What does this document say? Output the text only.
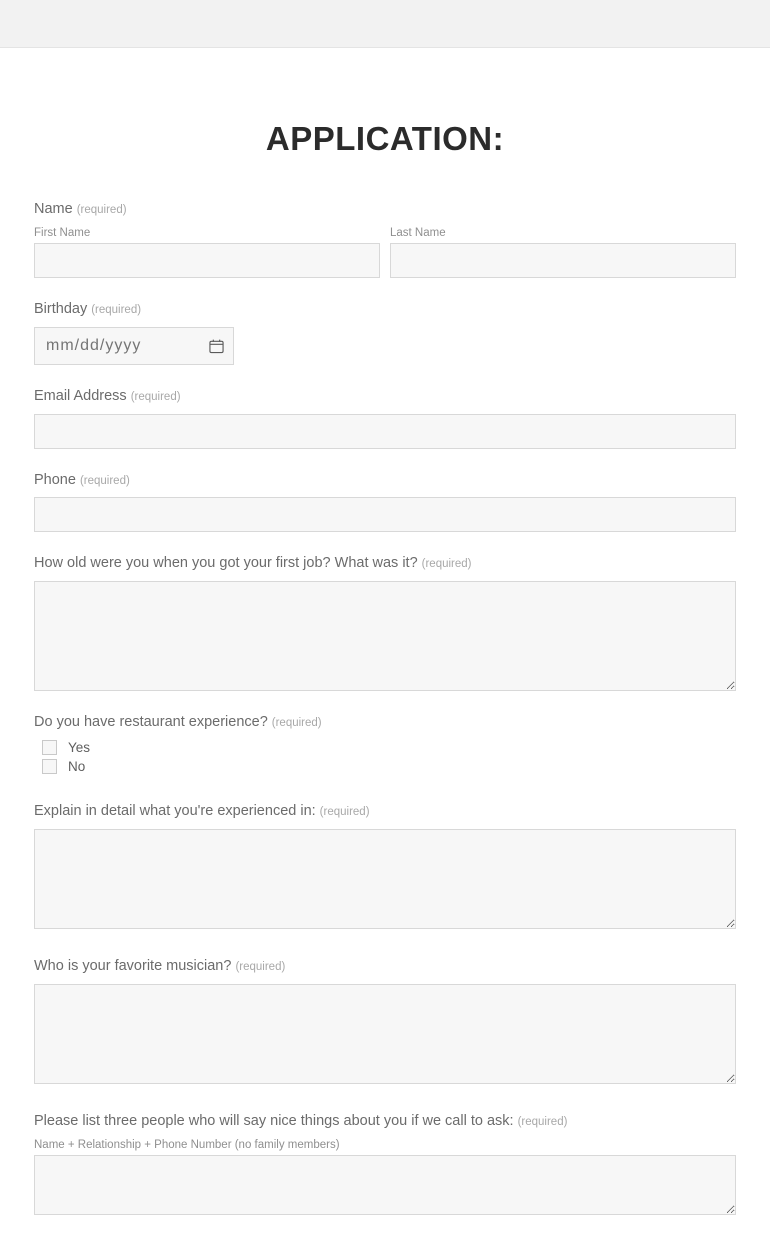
APPLICATION:
Name (required)
First Name	Last Name
Birthday (required)
mm/dd/yyyy
Email Address (required)
Phone (required)
How old were you when you got your first job? What was it? (required)
Do you have restaurant experience? (required)
Yes
No
Explain in detail what you're experienced in: (required)
Who is your favorite musician? (required)
Please list three people who will say nice things about you if we call to ask: (required)
Name + Relationship + Phone Number (no family members)
